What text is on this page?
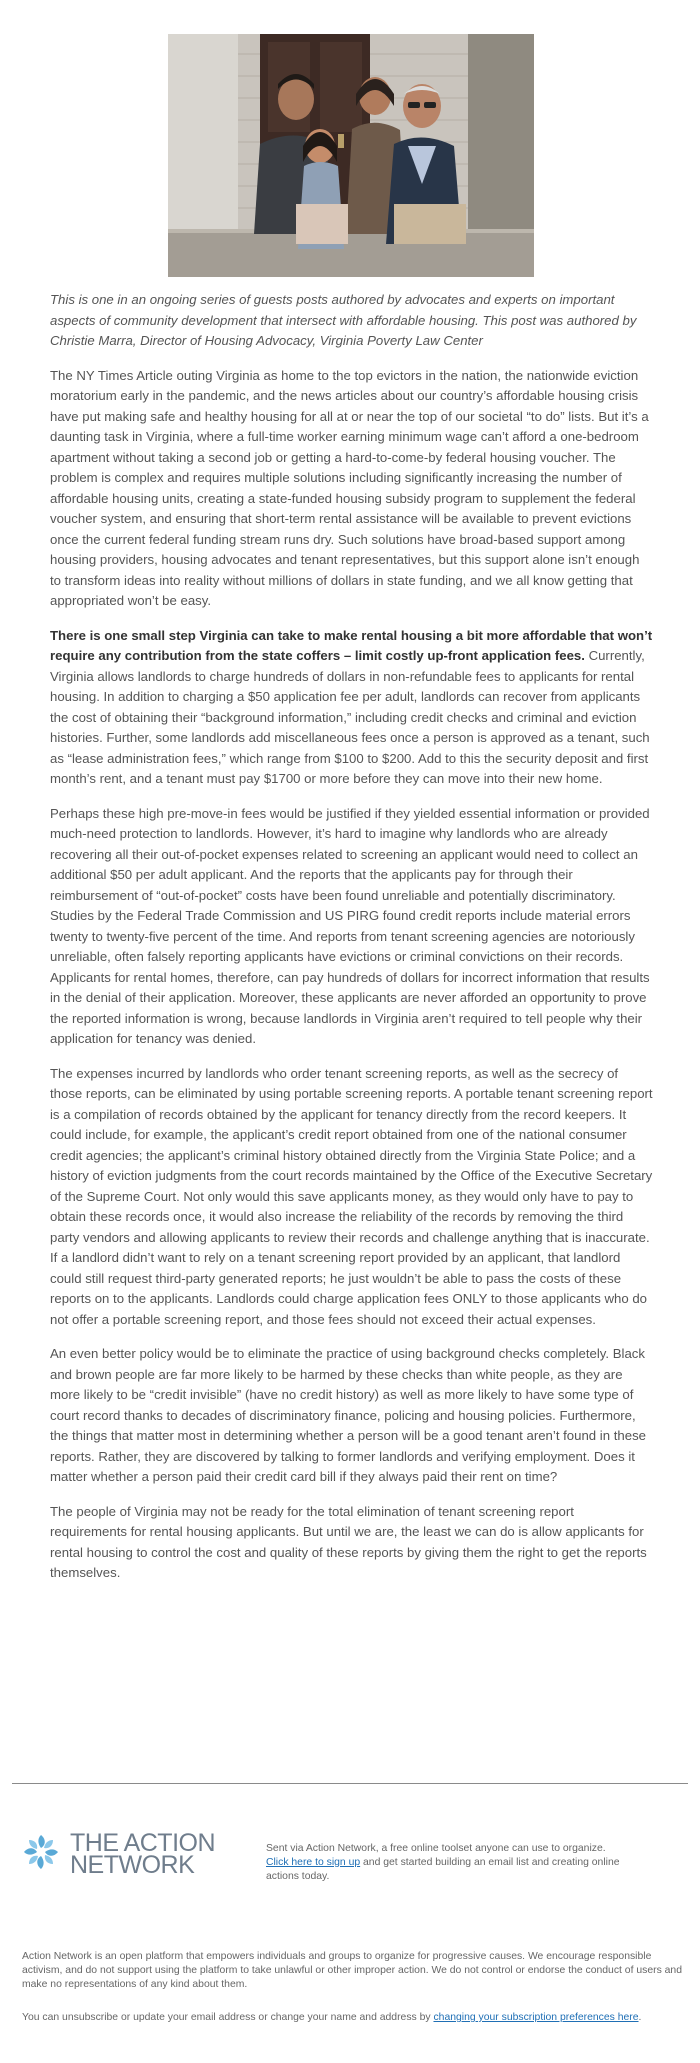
This is one in an ongoing series of guests posts authored by advocates and experts on important aspects of community development that intersect with affordable housing. This post was authored by Christie Marra, Director of Housing Advocacy, Virginia Poverty Law Center

The NY Times Article outing Virginia as home to the top evictors in the nation, the nationwide eviction moratorium early in the pandemic, and the news articles about our country’s affordable housing crisis have put making safe and healthy housing for all at or near the top of our societal “to do” lists. But it’s a daunting task in Virginia, where a full-time worker earning minimum wage can’t afford a one-bedroom apartment without taking a second job or getting a hard-to-come-by federal housing voucher. The problem is complex and requires multiple solutions including significantly increasing the number of affordable housing units, creating a state-funded housing subsidy program to supplement the federal voucher system, and ensuring that short-term rental assistance will be available to prevent evictions once the current federal funding stream runs dry. Such solutions have broad-based support among housing providers, housing advocates and tenant representatives, but this support alone isn’t enough to transform ideas into reality without millions of dollars in state funding, and we all know getting that appropriated won’t be easy.

There is one small step Virginia can take to make rental housing a bit more affordable that won’t require any contribution from the state coffers – limit costly up-front application fees. Currently, Virginia allows landlords to charge hundreds of dollars in non-refundable fees to applicants for rental housing. In addition to charging a $50 application fee per adult, landlords can recover from applicants the cost of obtaining their “background information,” including credit checks and criminal and eviction histories. Further, some landlords add miscellaneous fees once a person is approved as a tenant, such as “lease administration fees,” which range from $100 to $200. Add to this the security deposit and first month’s rent, and a tenant must pay $1700 or more before they can move into their new home.

Perhaps these high pre-move-in fees would be justified if they yielded essential information or provided much-need protection to landlords. However, it’s hard to imagine why landlords who are already recovering all their out-of-pocket expenses related to screening an applicant would need to collect an additional $50 per adult applicant. And the reports that the applicants pay for through their reimbursement of “out-of-pocket” costs have been found unreliable and potentially discriminatory. Studies by the Federal Trade Commission and US PIRG found credit reports include material errors twenty to twenty-five percent of the time. And reports from tenant screening agencies are notoriously unreliable, often falsely reporting applicants have evictions or criminal convictions on their records. Applicants for rental homes, therefore, can pay hundreds of dollars for incorrect information that results in the denial of their application. Moreover, these applicants are never afforded an opportunity to prove the reported information is wrong, because landlords in Virginia aren’t required to tell people why their application for tenancy was denied.

The expenses incurred by landlords who order tenant screening reports, as well as the secrecy of those reports, can be eliminated by using portable screening reports. A portable tenant screening report is a compilation of records obtained by the applicant for tenancy directly from the record keepers. It could include, for example, the applicant’s credit report obtained from one of the national consumer credit agencies; the applicant’s criminal history obtained directly from the Virginia State Police; and a history of eviction judgments from the court records maintained by the Office of the Executive Secretary of the Supreme Court. Not only would this save applicants money, as they would only have to pay to obtain these records once, it would also increase the reliability of the records by removing the third party vendors and allowing applicants to review their records and challenge anything that is inaccurate. If a landlord didn’t want to rely on a tenant screening report provided by an applicant, that landlord could still request third-party generated reports; he just wouldn’t be able to pass the costs of these reports on to the applicants. Landlords could charge application fees ONLY to those applicants who do not offer a portable screening report, and those fees should not exceed their actual expenses.

An even better policy would be to eliminate the practice of using background checks completely. Black and brown people are far more likely to be harmed by these checks than white people, as they are more likely to be “credit invisible” (have no credit history) as well as more likely to have some type of court record thanks to decades of discriminatory finance, policing and housing policies. Furthermore, the things that matter most in determining whether a person will be a good tenant aren’t found in these reports. Rather, they are discovered by talking to former landlords and verifying employment. Does it matter whether a person paid their credit card bill if they always paid their rent on time?

The people of Virginia may not be ready for the total elimination of tenant screening report requirements for rental housing applicants. But until we are, the least we can do is allow applicants for rental housing to control the cost and quality of these reports by giving them the right to get the reports themselves.

THE ACTION
NETWORK
Sent via Action Network, a free online toolset anyone can use to organize.
Click here to sign up and get started building an email list and creating online actions today.
Action Network is an open platform that empowers individuals and groups to organize for progressive causes. We encourage responsible activism, and do not support using the platform to take unlawful or other improper action. We do not control or endorse the conduct of users and make no representations of any kind about them.
You can unsubscribe or update your email address or change your name and address by changing your subscription preferences here.
